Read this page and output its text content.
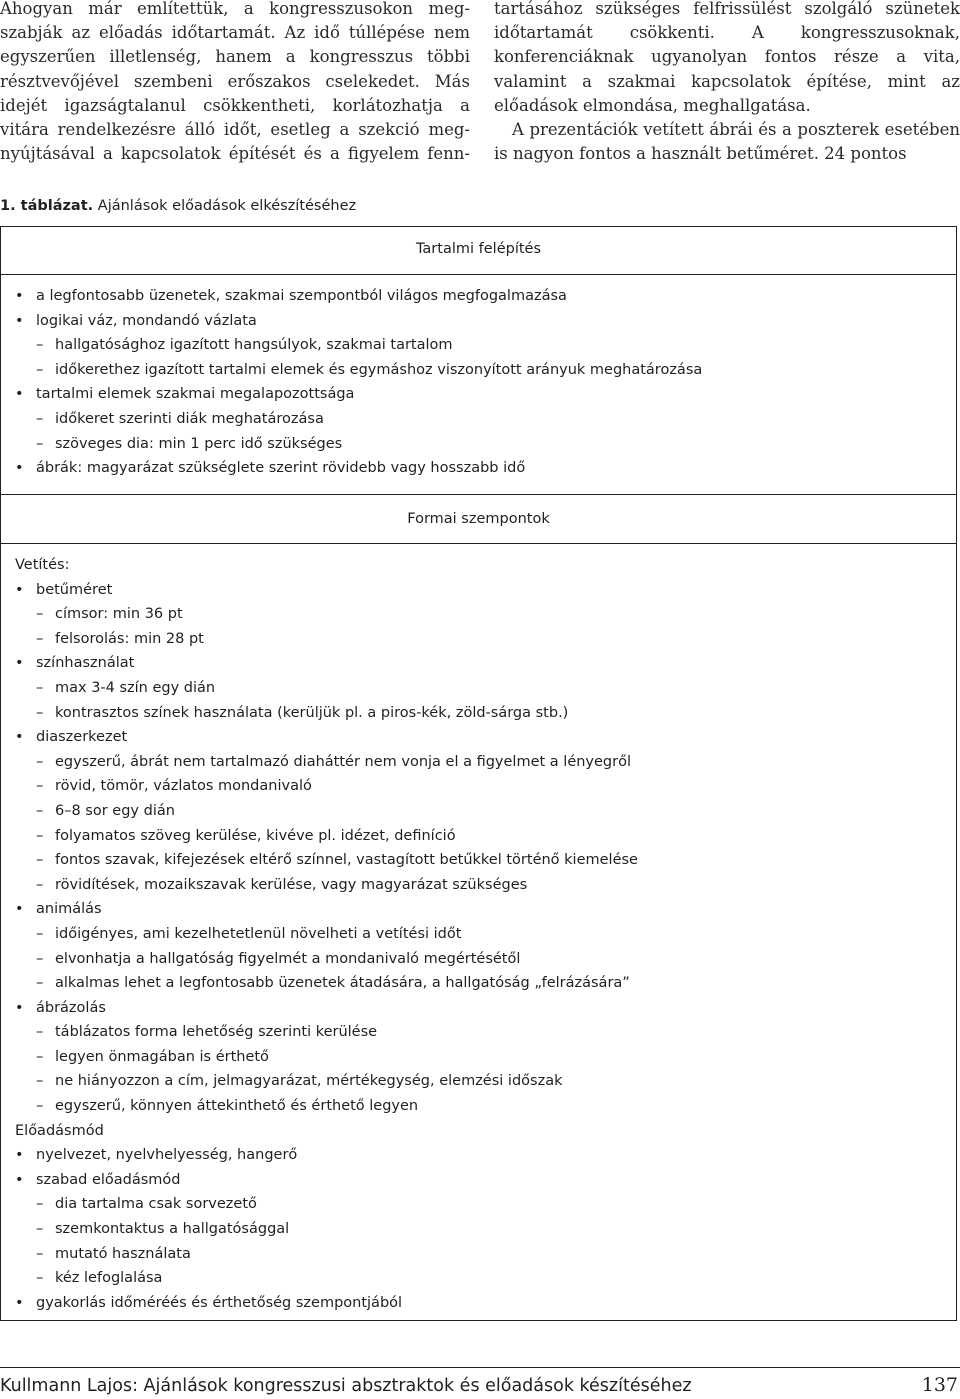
Ahogyan már említettük, a kongresszusokon meg-
szabják az előadás időtartamát. Az idő túllépése nem
egyszerűen illetlenség, hanem a kongresszus többi
résztvevőjével szembeni erőszakos cselekedet. Más
idejét igazságtalanul csökkentheti, korlátozhatja a
vitára rendelkezésre álló időt, esetleg a szekció meg-
nyújtásával a kapcsolatok építését és a figyelem fenn-

tartásához szükséges felfrissülést szolgáló szünetek időtartamát csökkenti. A kongresszusoknak, konferenciáknak ugyanolyan fontos része a vita, valamint a szakmai kapcsolatok építése, mint az előadások elmondása, meghallgatása.

A prezentációk vetített ábrái és a poszterek esetében is nagyon fontos a használt betűméret. 24 pontos

1. táblázat. Ajánlások előadások elkészítéséhez
Tartalmi felépítés
• a legfontosabb üzenetek, szakmai szempontból világos megfogalmazása
• logikai váz, mondandó vázlata
– hallgatósághoz igazított hangsúlyok, szakmai tartalom
– időkerethez igazított tartalmi elemek és egymáshoz viszonyított arányuk meghatározása
• tartalmi elemek szakmai megalapozottsága
– időkeret szerinti diák meghatározása
– szöveges dia: min 1 perc idő szükséges
• ábrák: magyarázat szükséglete szerint rövidebb vagy hosszabb idő
Formai szempontok
Vetítés:
• betűméret
– címsor: min 36 pt
– felsorolás: min 28 pt
• színhasználat
– max 3-4 szín egy dián
– kontrasztos színek használata (kerüljük pl. a piros-kék, zöld-sárga stb.)
• diaszerkezet
– egyszerű, ábrát nem tartalmazó diaháttér nem vonja el a figyelmet a lényegről
– rövid, tömör, vázlatos mondanivaló
– 6–8 sor egy dián
– folyamatos szöveg kerülése, kivéve pl. idézet, definíció
– fontos szavak, kifejezések eltérő színnel, vastagított betűkkel történő kiemelése
– rövidítések, mozaikszavak kerülése, vagy magyarázat szükséges
• animálás
– időigényes, ami kezelhetetlenül növelheti a vetítési időt
– elvonhatja a hallgatóság figyelmét a mondanivaló megértésétől
– alkalmas lehet a legfontosabb üzenetek átadására, a hallgatóság „felrázására”
• ábrázolás
– táblázatos forma lehetőség szerinti kerülése
– legyen önmagában is érthető
– ne hiányozzon a cím, jelmagyarázat, mértékegység, elemzési időszak
– egyszerű, könnyen áttekinthető és érthető legyen
Előadásmód
• nyelvezet, nyelvhelyesség, hangerő
• szabad előadásmód
– dia tartalma csak sorvezető
– szemkontaktus a hallgatósággal
– mutató használata
– kéz lefoglalása
• gyakorlás időméréés és érthetőség szempontjából
Kullmann Lajos: Ajánlások kongresszusi absztraktok és előadások készítéséhez	137
